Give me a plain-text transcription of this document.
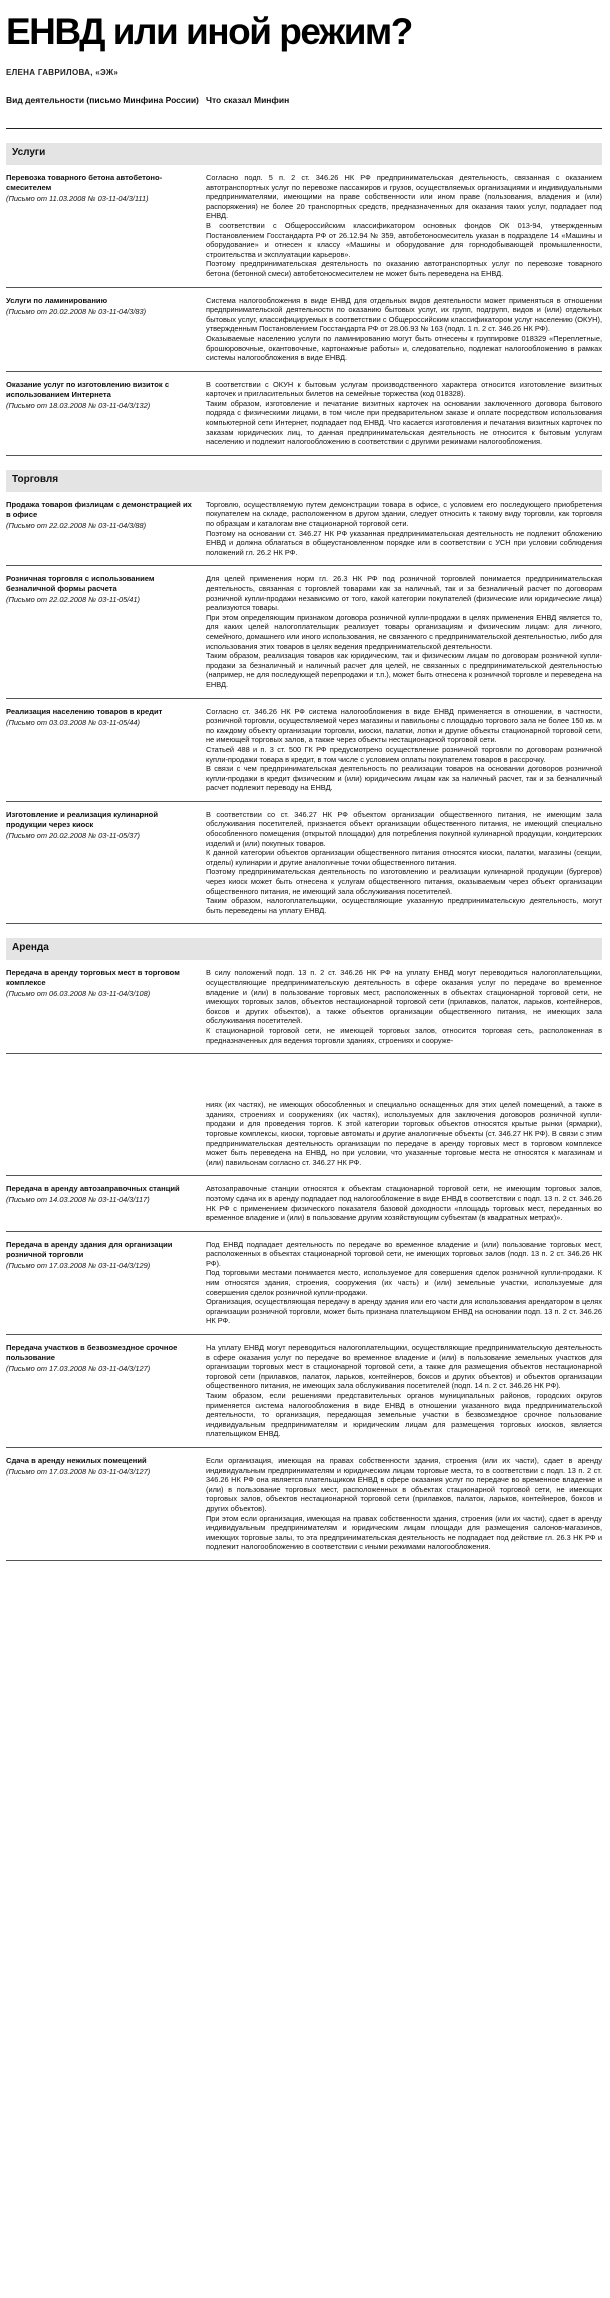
ЕНВД или иной режим?
ЕЛЕНА ГАВРИЛОВА, «ЭЖ»
Вид деятельности (письмо Минфина России) Что сказал Минфин
Услуги
Перевозка товарного бетона автобетоно-смесителем
(Письмо от 11.03.2008 № 03-11-04/3/111)

Согласно подп. 5 п. 2 ст. 346.26 НК РФ предпринимательская деятельность, связанная с оказанием автотранспортных услуг по перевозке пассажиров и грузов, осуществляемых организациями и индивидуальными предпринимателями, имеющими на праве собственности или ином праве (пользования, владения и (или) распоряжения) не более 20 транспортных средств, предназначенных для оказания таких услуг, подпадает под ЕНВД.

В соответствии с Общероссийским классификатором основных фондов ОК 013-94, утвержденным Постановлением Госстандарта РФ от 26.12.94 № 359, автобетоносмеситель указан в подразделе 14 «Машины и оборудование» и отнесен к классу «Машины и оборудование для горнодобывающей промышленности, строительства и эксплуатации карьеров».

Поэтому предпринимательская деятельность по оказанию автотранспортных услуг по перевозке товарного бетона (бетонной смеси) автобетоносмесителем не может быть переведена на ЕНВД.

Услуги по ламинированию
(Письмо от 20.02.2008 № 03-11-04/3/83)

Система налогообложения в виде ЕНВД для отдельных видов деятельности может применяться в отношении предпринимательской деятельности по оказанию бытовых услуг, их групп, подгрупп, видов и (или) отдельных бытовых услуг, классифицируемых в соответствии с Общероссийским классификатором услуг населению (ОКУН), утвержденным Постановлением Госстандарта РФ от 28.06.93 № 163 (подп. 1 п. 2 ст. 346.26 НК РФ).

Оказываемые населению услуги по ламинированию могут быть отнесены к группировке 018329 «Переплетные, брошюровочные, окантовочные, картонажные работы» и, следовательно, подлежат налогообложению в рамках системы налогообложения в виде ЕНВД.

Оказание услуг по изготовлению визиток с использованием Интернета
(Письмо от 18.03.2008 № 03-11-04/3/132)

В соответствии с ОКУН к бытовым услугам производственного характера относится изготовление визитных карточек и пригласительных билетов на семейные торжества (код 018328).

Таким образом, изготовление и печатание визитных карточек на основании заключенного договора бытового подряда с физическими лицами, в том числе при предварительном заказе и оплате посредством использования компьютерной сети Интернет, подпадает под ЕНВД. Что касается изготовления и печатания визитных карточек по заказам юридических лиц, то данная предпринимательская деятельность не относится к бытовым услугам населению и подлежит налогообложению в соответствии с другими режимами налогообложения.

Торговля
Продажа товаров физлицам с демонстрацией их в офисе
(Письмо от 22.02.2008 № 03-11-04/3/88)

Торговлю, осуществляемую путем демонстрации товара в офисе, с условием его последующего приобретения покупателем на складе, расположенном в другом здании, следует относить к такому виду торговли, как торговля по образцам и каталогам вне стационарной торговой сети.

Поэтому на основании ст. 346.27 НК РФ указанная предпринимательская деятельность не подлежит обложению ЕНВД и должна облагаться в общеустановленном порядке или в соответствии с УСН при условии соблюдения положений гл. 26.2 НК РФ.

Розничная торговля с использованием безналичной формы расчета
(Письмо от 22.02.2008 № 03-11-05/41)

Для целей применения норм гл. 26.3 НК РФ под розничной торговлей понимается предпринимательская деятельность, связанная с торговлей товарами как за наличный, так и за безналичный расчет по договорам розничной купли-продажи независимо от того, какой категории покупателей (физические или юридические лица) реализуются товары.

При этом определяющим признаком договора розничной купли-продажи в целях применения ЕНВД является то, для каких целей налогоплательщик реализует товары организациям и физическим лицам: для личного, семейного, домашнего или иного использования, не связанного с предпринимательской деятельностью, либо для использования этих товаров в целях ведения предпринимательской деятельности.

Таким образом, реализация товаров как юридическим, так и физическим лицам по договорам розничной купли-продажи за безналичный и наличный расчет для целей, не связанных с предпринимательской деятельностью (например, не для последующей перепродажи и т.п.), может быть отнесена к розничной торговле и переведена на ЕНВД.

Реализация населению товаров в кредит
(Письмо от 03.03.2008 № 03-11-05/44)

Согласно ст. 346.26 НК РФ система налогообложения в виде ЕНВД применяется в отношении, в частности, розничной торговли, осуществляемой через магазины и павильоны с площадью торгового зала не более 150 кв. м по каждому объекту организации торговли, киоски, палатки, лотки и другие объекты стационарной торговой сети, не имеющей торговых залов, а также через объекты нестационарной торговой сети.

Статьей 488 и п. 3 ст. 500 ГК РФ предусмотрено осуществление розничной торговли по договорам розничной купли-продажи товара в кредит, в том числе с условием оплаты покупателем товаров в рассрочку.

В связи с чем предпринимательская деятельность по реализации товаров на основании договоров розничной купли-продажи в кредит физическим и (или) юридическим лицам как за наличный расчет, так и за безналичный расчет подлежит переводу на ЕНВД.

Изготовление и реализация кулинарной продукции через киоск
(Письмо от 20.02.2008 № 03-11-05/37)

В соответствии со ст. 346.27 НК РФ объектом организации общественного питания, не имеющим зала обслуживания посетителей, признается объект организации общественного питания, не имеющий специально обособленного помещения (открытой площадки) для потребления покупной кулинарной продукции, кондитерских изделий и (или) покупных товаров.

К данной категории объектов организации общественного питания относятся киоски, палатки, магазины (секции, отделы) кулинарии и другие аналогичные точки общественного питания.

Поэтому предпринимательская деятельность по изготовлению и реализации кулинарной продукции (бургеров) через киоск может быть отнесена к услугам общественного питания, оказываемым через объект организации общественного питания, не имеющий зала обслуживания посетителей.

Таким образом, налогоплательщики, осуществляющие указанную предпринимательскую деятельность, могут быть переведены на уплату ЕНВД.

Аренда
Передача в аренду торговых мест в торговом комплексе
(Письмо от 06.03.2008 № 03-11-04/3/108)

В силу положений подп. 13 п. 2 ст. 346.26 НК РФ на уплату ЕНВД могут переводиться налогоплательщики, осуществляющие предпринимательскую деятельность в сфере оказания услуг по передаче во временное владение и (или) в пользование торговых мест, расположенных в объектах стационарной торговой сети, не имеющих торговых залов, объектов нестационарной торговой сети (прилавков, палаток, ларьков, контейнеров, боксов и других объектов), а также объектов организации общественного питания, не имеющих зала обслуживания посетителей.

К стационарной торговой сети, не имеющей торговых залов, относится торговая сеть, расположенная в предназначенных для ведения торговли зданиях, строениях и сооруже-

ниях (их частях), не имеющих обособленных и специально оснащенных для этих целей помещений, а также в зданиях, строениях и сооружениях (их частях), используемых для заключения договоров розничной купли-продажи и для проведения торгов. К этой категории торговых объектов относятся крытые рынки (ярмарки), торговые комплексы, киоски, торговые автоматы и другие аналогичные объекты (ст. 346.27 НК РФ). В связи с этим предпринимательская деятельность организации по передаче в аренду торговых мест в торговом комплексе может быть переведена на ЕНВД, но при условии, что указанные торговые места не относятся к магазинам и (или) павильонам согласно ст. 346.27 НК РФ.
Передача в аренду автозаправочных станций
(Письмо от 14.03.2008 № 03-11-04/3/117)

Автозаправочные станции относятся к объектам стационарной торговой сети, не имеющим торговых залов, поэтому сдача их в аренду подпадает под налогообложение в виде ЕНВД в соответствии с подп. 13 п. 2 ст. 346.26 НК РФ с применением физического показателя базовой доходности «площадь торговых мест, переданных во временное владение и (или) в пользование другим хозяйствующим субъектам (в квадратных метрах)».

Передача в аренду здания для организации розничной торговли
(Письмо от 17.03.2008 № 03-11-04/3/129)

Под ЕНВД подпадает деятельность по передаче во временное владение и (или) пользование торговых мест, расположенных в объектах стационарной торговой сети, не имеющих торговых залов (подп. 13 п. 2 ст. 346.26 НК РФ).

Под торговыми местами понимается место, используемое для совершения сделок розничной купли-продажи. К ним относятся здания, строения, сооружения (их часть) и (или) земельные участки, используемые для совершения сделок розничной купли-продажи.

Организация, осуществляющая передачу в аренду здания или его части для использования арендатором в целях организации розничной торговли, может быть признана плательщиком ЕНВД на основании подп. 13 п. 2 ст. 346.26 НК РФ.

Передача участков в безвозмездное срочное пользование
(Письмо от 17.03.2008 № 03-11-04/3/127)

На уплату ЕНВД могут переводиться налогоплательщики, осуществляющие предпринимательскую деятельность в сфере оказания услуг по передаче во временное владение и (или) в пользование земельных участков для организации торговых мест в стационарной торговой сети, а также для размещения объектов нестационарной торговой сети (прилавков, палаток, ларьков, контейнеров, боксов и других объектов) и объектов организации общественного питания, не имеющих зала обслуживания посетителей (подп. 14 п. 2 ст. 346.26 НК РФ).

Таким образом, если решениями представительных органов муниципальных районов, городских округов применяется система налогообложения в виде ЕНВД в отношении указанного вида предпринимательской деятельности, то организация, передающая земельные участки в безвозмездное срочное пользование индивидуальным предпринимателям и юридическим лицам для размещения торговых киосков, является плательщиком ЕНВД.

Сдача в аренду нежилых помещений
(Письмо от 17.03.2008 № 03-11-04/3/127)

Если организация, имеющая на правах собственности здания, строения (или их части), сдает в аренду индивидуальным предпринимателям и юридическим лицам торговые места, то в соответствии с подп. 13 п. 2 ст. 346.26 НК РФ она является плательщиком ЕНВД в сфере оказания услуг по передаче во временное владение и (или) в пользование торговых мест, расположенных в объектах стационарной торговой сети, не имеющих торговых залов, объектов нестационарной торговой сети (прилавков, палаток, ларьков, контейнеров, боксов и других объектов).

При этом если организация, имеющая на правах собственности здания, строения (или их части), сдает в аренду индивидуальным предпринимателям и юридическим лицам площади для размещения салонов-магазинов, имеющих торговые залы, то эта предпринимательская деятельность не подпадает под действие гл. 26.3 НК РФ и подлежит налогообложению в соответствии с иными режимами налогообложения.
